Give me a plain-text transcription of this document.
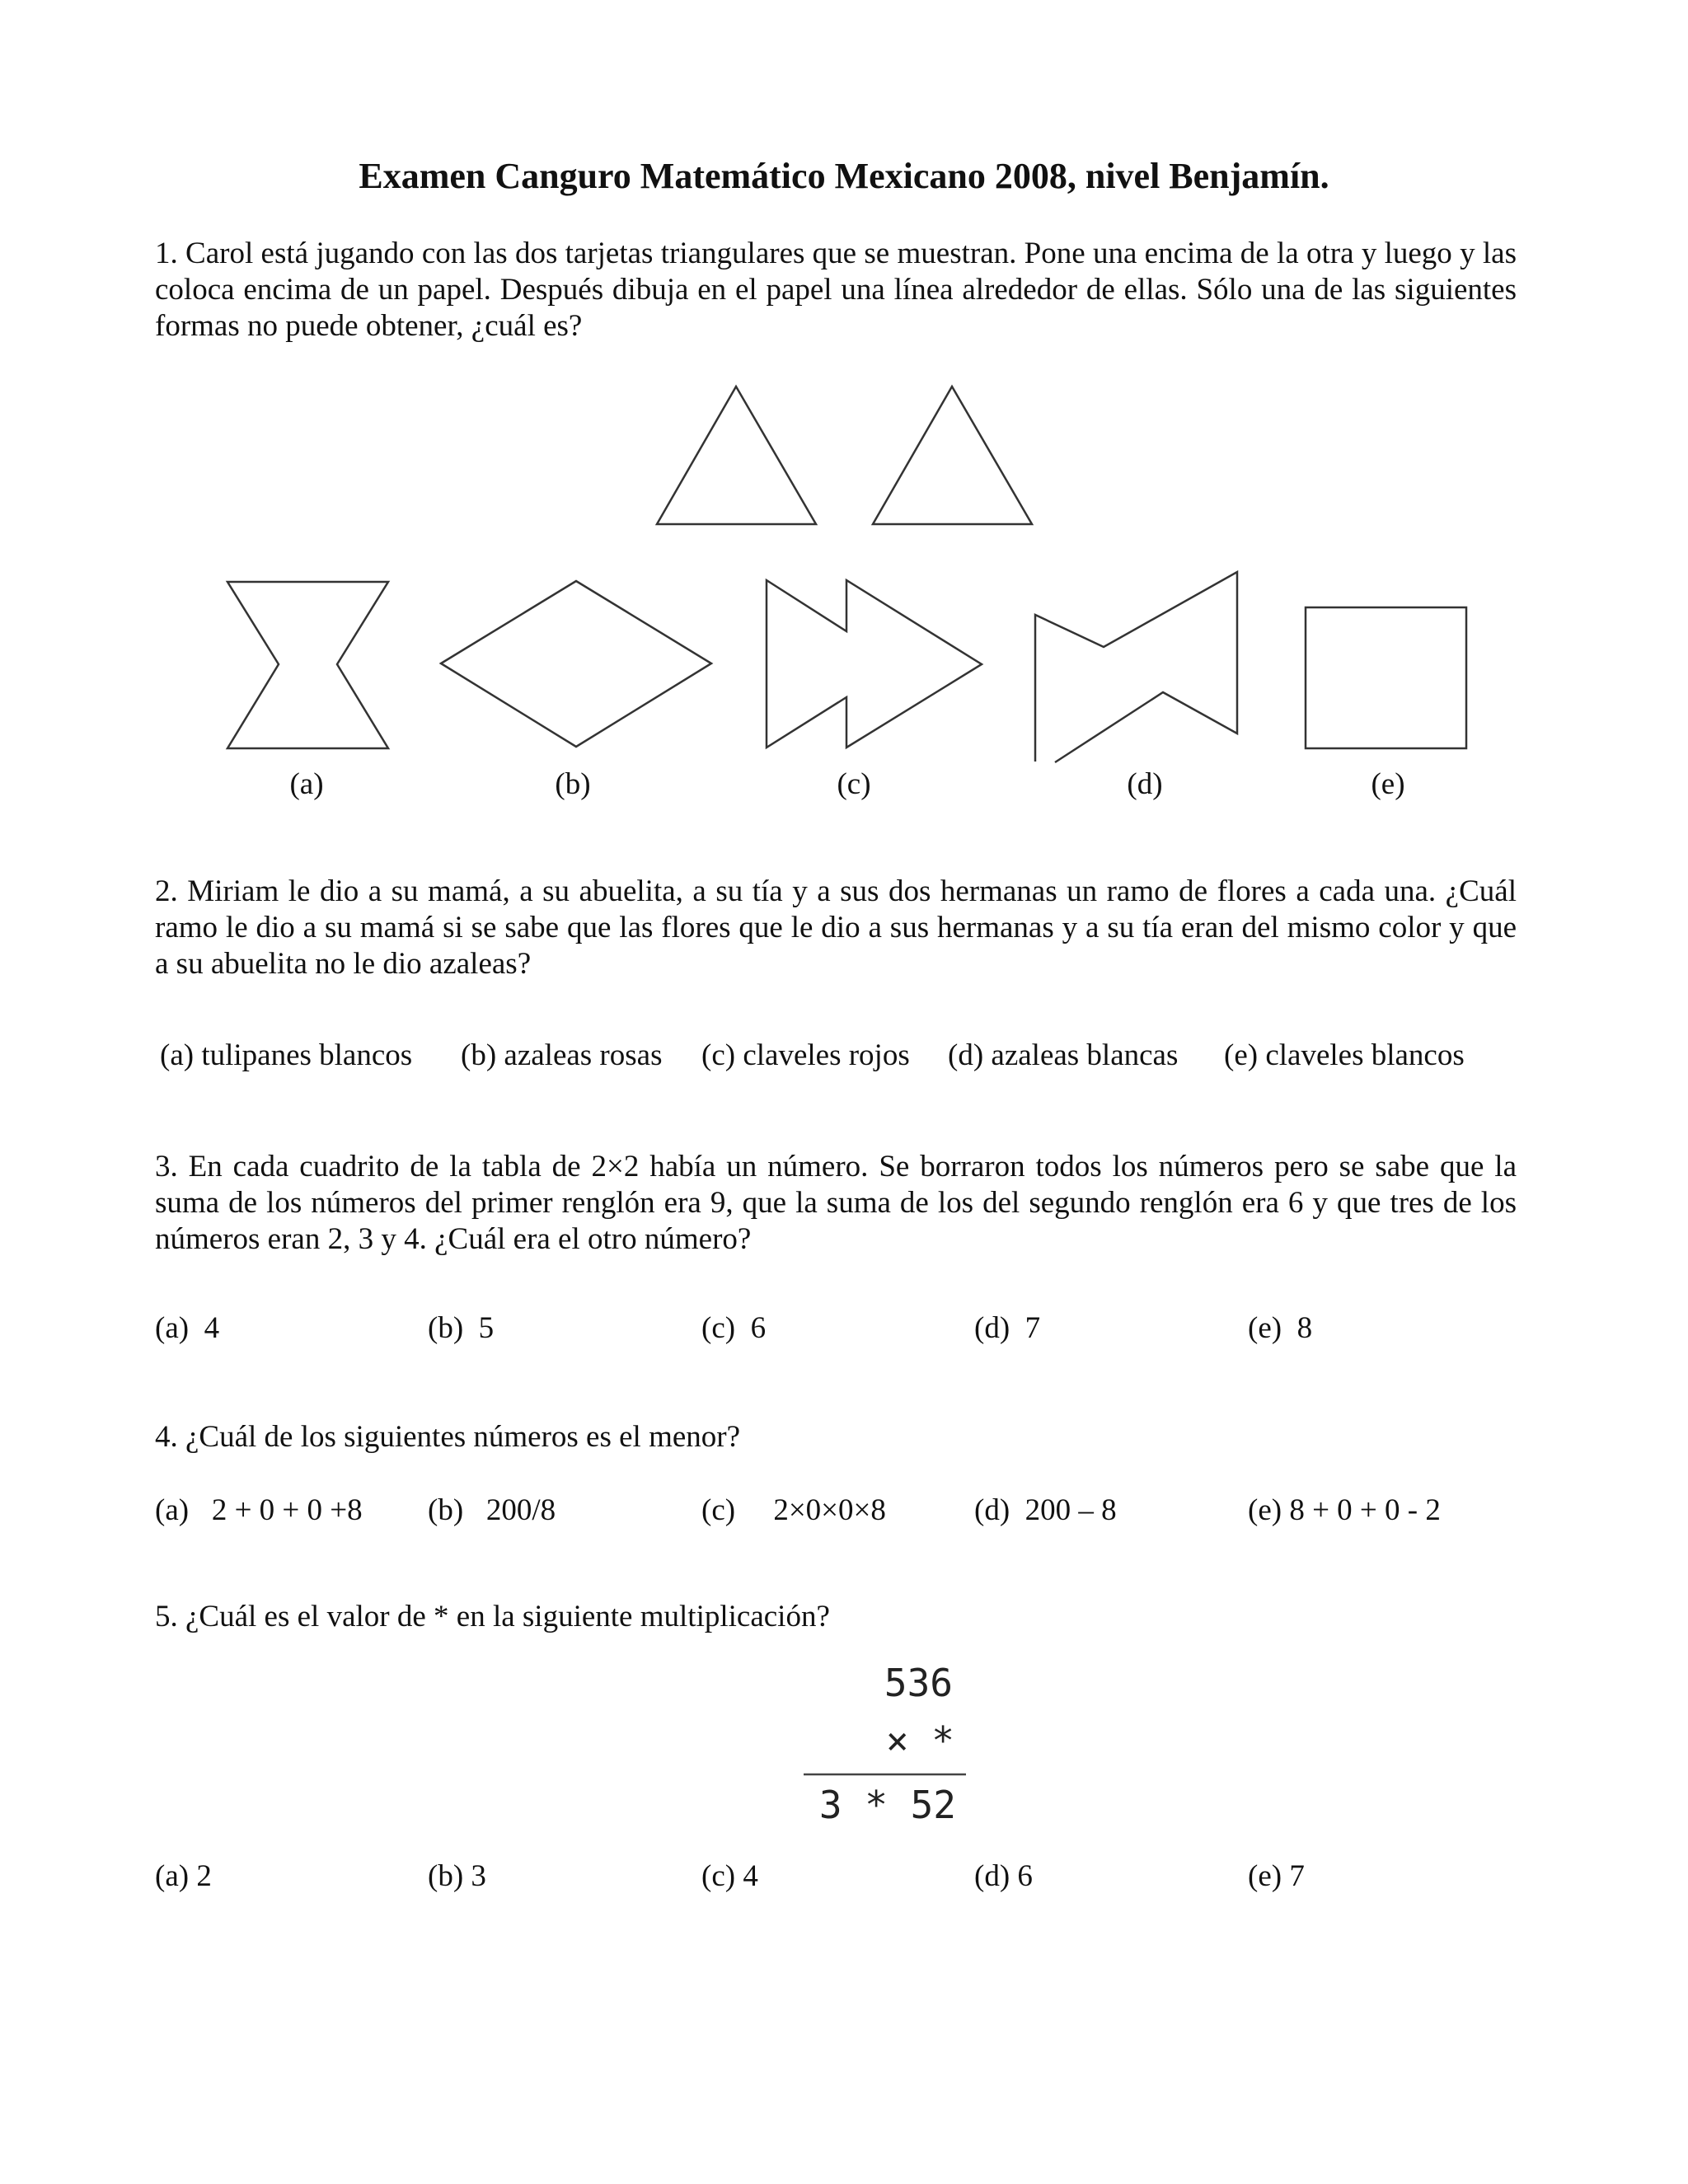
Examen Canguro Matemático Mexicano 2008, nivel Benjamín.
1. Carol está jugando con las dos tarjetas triangulares que se muestran. Pone una encima de la otra y luego y las coloca encima de un papel. Después dibuja en el papel una línea alrededor de ellas. Sólo una de las siguientes formas no puede obtener, ¿cuál es?
(a)	(b)	(c)	(d)	(e)
2. Miriam le dio a su mamá, a su abuelita, a su tía y a sus dos hermanas un ramo de flores a cada una. ¿Cuál ramo le dio a su mamá si se sabe que las flores que le dio a sus hermanas y a su tía eran del mismo color y que a su abuelita no le dio azaleas?
(a) tulipanes blancos (b) azaleas rosas (c) claveles rojos (d) azaleas blancas (e) claveles blancos
3. En cada cuadrito de la tabla de 2×2 había un número. Se borraron todos los números pero se sabe que la suma de los números del primer renglón era 9, que la suma de los del segundo renglón era 6 y que tres de los números eran 2, 3 y 4. ¿Cuál era el otro número?
(a)  4	(b)  5	(c)  6	(d)  7	(e)  8
4. ¿Cuál de los siguientes números es el menor?
(a)   2 + 0 + 0 +8 (b)   200/8	(c)     2×0×0×8	(d)  200 – 8	(e) 8 + 0 + 0 - 2
5. ¿Cuál es el valor de * en la siguiente multiplicación?
536
× *
3 * 52
(a) 2	(b) 3	(c) 4	(d) 6	(e) 7
